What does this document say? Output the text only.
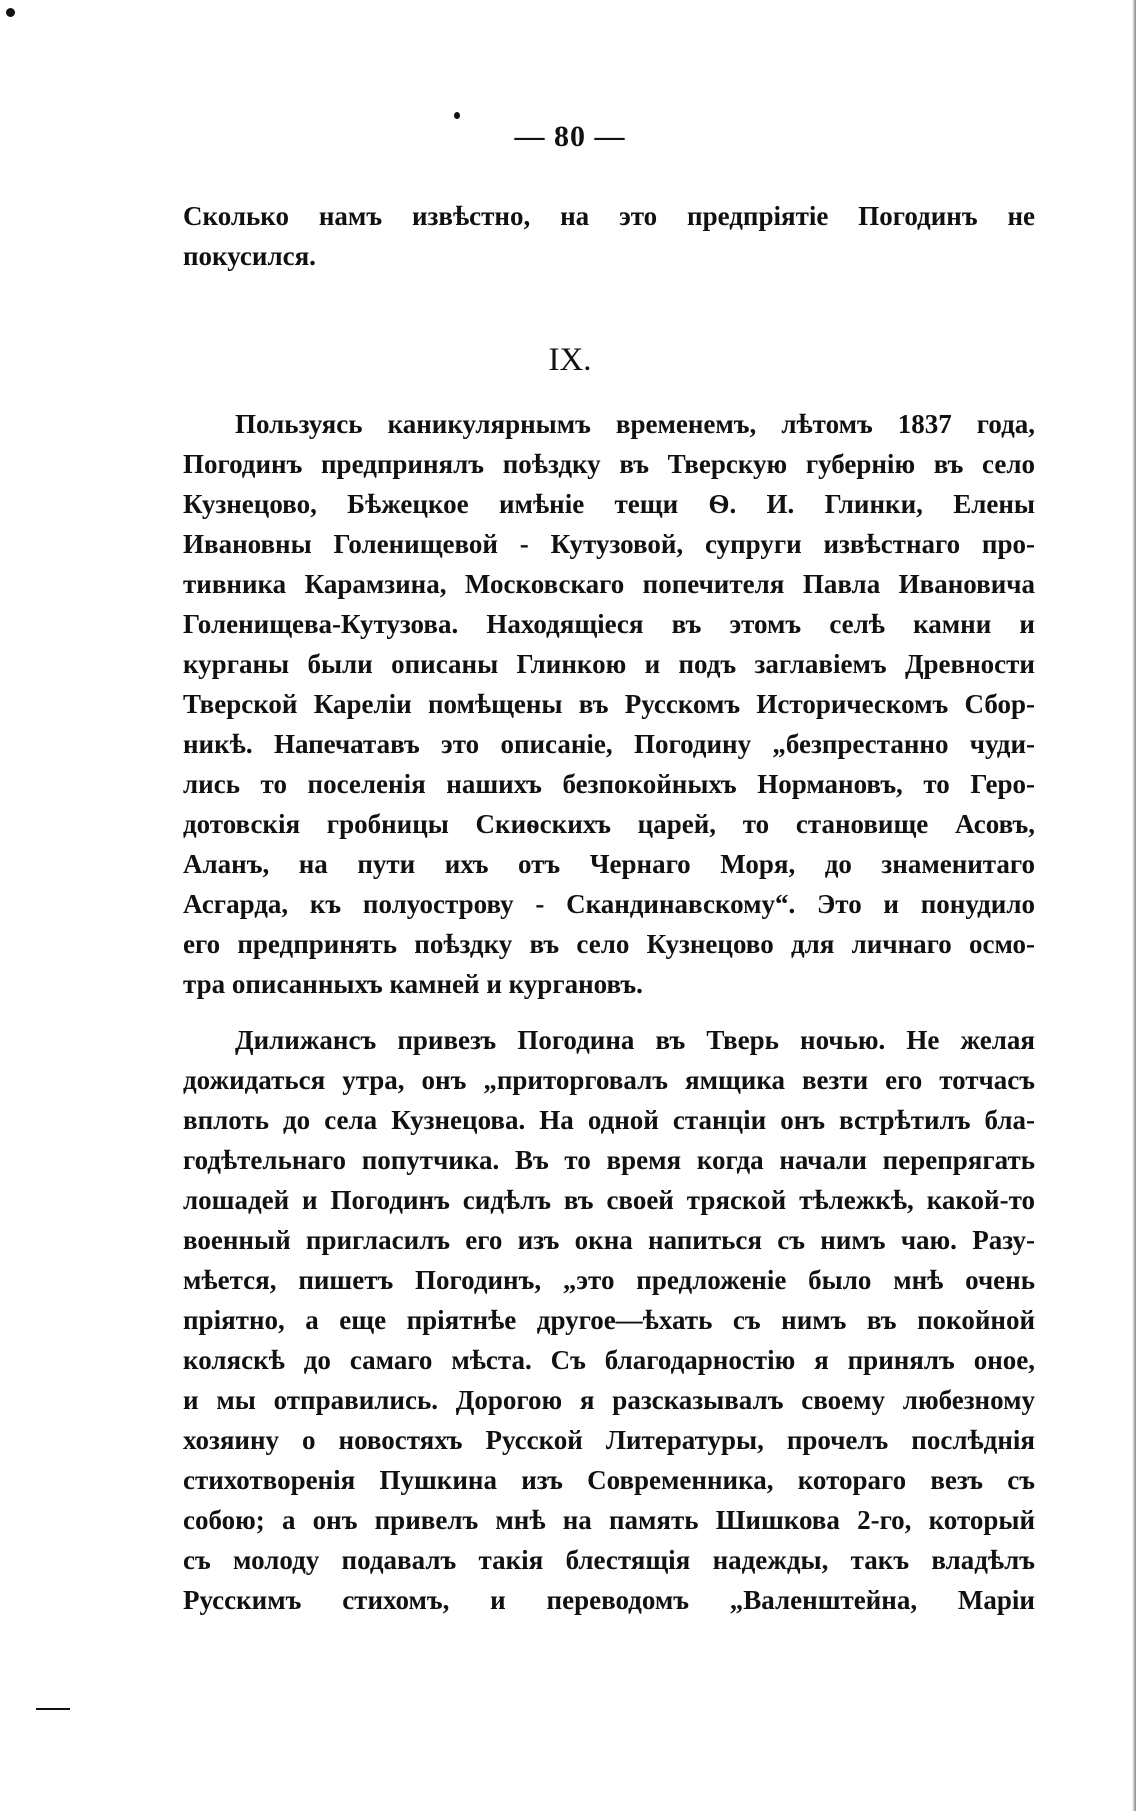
— 80 —
Сколько намъ извѣстно, на это предпріятіе Погодинъ не
покусился.
IX.
Пользуясь каникулярнымъ временемъ, лѣтомъ 1837 года,
Погодинъ предпринялъ поѣздку въ Тверскую губернію въ село
Кузнецово, Бѣжецкое имѣніе тещи Ѳ. И. Глинки, Елены
Ивановны Голенищевой - Кутузовой, супруги извѣстнаго про-
тивника Карамзина, Московскаго попечителя Павла Ивановича
Голенищева-Кутузова. Находящіеся въ этомъ селѣ камни и
курганы были описаны Глинкою и подъ заглавіемъ Древности
Тверской Кареліи помѣщены въ Русскомъ Историческомъ Сбор-
никѣ. Напечатавъ это описаніе, Погодину „безпрестанно чуди-
лись то поселенія нашихъ безпокойныхъ Нормановъ, то Геро-
дотовскія гробницы Скиѳскихъ царей, то становище Асовъ,
Аланъ, на пути ихъ отъ Чернаго Моря, до знаменитаго
Асгарда, къ полуострову - Скандинавскому“. Это и понудило
его предпринять поѣздку въ село Кузнецово для личнаго осмо-
тра описанныхъ камней и кургановъ.
Дилижансъ привезъ Погодина въ Тверь ночью. Не желая
дожидаться утра, онъ „приторговалъ ямщика везти его тотчасъ
вплоть до села Кузнецова. На одной станціи онъ встрѣтилъ бла-
годѣтельнаго попутчика. Въ то время когда начали перепрягать
лошадей и Погодинъ сидѣлъ въ своей тряской тѣлежкѣ, какой-то
военный пригласилъ его изъ окна напиться съ нимъ чаю. Разу-
мѣется, пишетъ Погодинъ, „это предложеніе было мнѣ очень
пріятно, а еще пріятнѣе другое—ѣхать съ нимъ въ покойной
коляскѣ до самаго мѣста. Съ благодарностію я принялъ оное,
и мы отправились. Дорогою я разсказывалъ своему любезному
хозяину о новостяхъ Русской Литературы, прочелъ послѣднія
стихотворенія Пушкина изъ Современника, котораго везъ съ
собою; а онъ привелъ мнѣ на память Шишкова 2-го, который
съ молоду подавалъ такія блестящія надежды, такъ владѣлъ
Русскимъ стихомъ, и переводомъ „Валенштейна, Маріи
